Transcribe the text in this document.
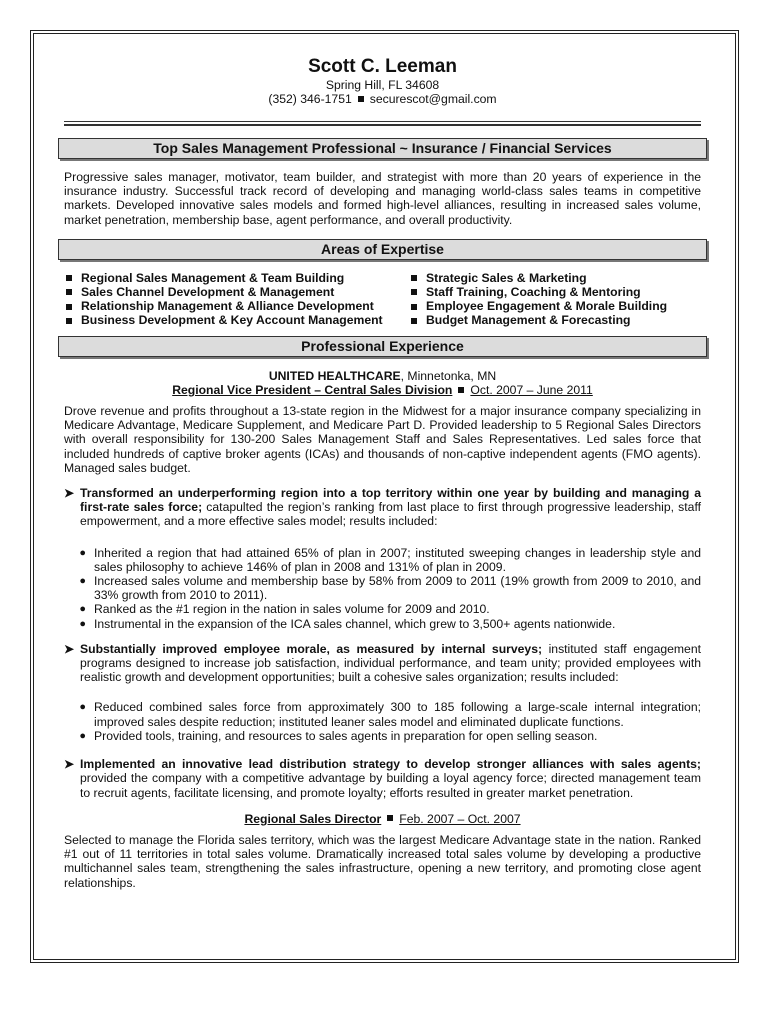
Scott C. Leeman
Spring Hill, FL 34608
(352) 346-1751 securescot@gmail.com
Top Sales Management Professional ~ Insurance / Financial Services
Progressive sales manager, motivator, team builder, and strategist with more than 20 years of experience in the insurance industry. Successful track record of developing and managing world-class sales teams in competitive markets. Developed innovative sales models and formed high-level alliances, resulting in increased sales volume, market penetration, membership base, agent performance, and overall productivity.
Areas of Expertise
Regional Sales Management & Team Building
Sales Channel Development & Management
Relationship Management & Alliance Development
Business Development & Key Account Management
Strategic Sales & Marketing
Staff Training, Coaching & Mentoring
Employee Engagement & Morale Building
Budget Management & Forecasting
Professional Experience
UNITED HEALTHCARE, Minnetonka, MN
Regional Vice President – Central Sales Division Oct. 2007 – June 2011
Drove revenue and profits throughout a 13-state region in the Midwest for a major insurance company specializing in Medicare Advantage, Medicare Supplement, and Medicare Part D. Provided leadership to 5 Regional Sales Directors with overall responsibility for 130-200 Sales Management Staff and Sales Representatives. Led sales force that included hundreds of captive broker agents (ICAs) and thousands of non-captive independent agents (FMO agents). Managed sales budget.
➤ Transformed an underperforming region into a top territory within one year by building and managing a first-rate sales force; catapulted the region’s ranking from last place to first through progressive leadership, staff empowerment, and a more effective sales model; results included:
● Inherited a region that had attained 65% of plan in 2007; instituted sweeping changes in leadership style and sales philosophy to achieve 146% of plan in 2008 and 131% of plan in 2009.
● Increased sales volume and membership base by 58% from 2009 to 2011 (19% growth from 2009 to 2010, and 33% growth from 2010 to 2011).
● Ranked as the #1 region in the nation in sales volume for 2009 and 2010.
● Instrumental in the expansion of the ICA sales channel, which grew to 3,500+ agents nationwide.
➤ Substantially improved employee morale, as measured by internal surveys; instituted staff engagement programs designed to increase job satisfaction, individual performance, and team unity; provided employees with realistic growth and development opportunities; built a cohesive sales organization; results included:
● Reduced combined sales force from approximately 300 to 185 following a large-scale internal integration; improved sales despite reduction; instituted leaner sales model and eliminated duplicate functions.
● Provided tools, training, and resources to sales agents in preparation for open selling season.
➤ Implemented an innovative lead distribution strategy to develop stronger alliances with sales agents; provided the company with a competitive advantage by building a loyal agency force; directed management team to recruit agents, facilitate licensing, and promote loyalty; efforts resulted in greater market penetration.
Regional Sales Director Feb. 2007 – Oct. 2007
Selected to manage the Florida sales territory, which was the largest Medicare Advantage state in the nation. Ranked #1 out of 11 territories in total sales volume. Dramatically increased total sales volume by developing a productive multichannel sales team, strengthening the sales infrastructure, opening a new territory, and promoting close agent relationships.
